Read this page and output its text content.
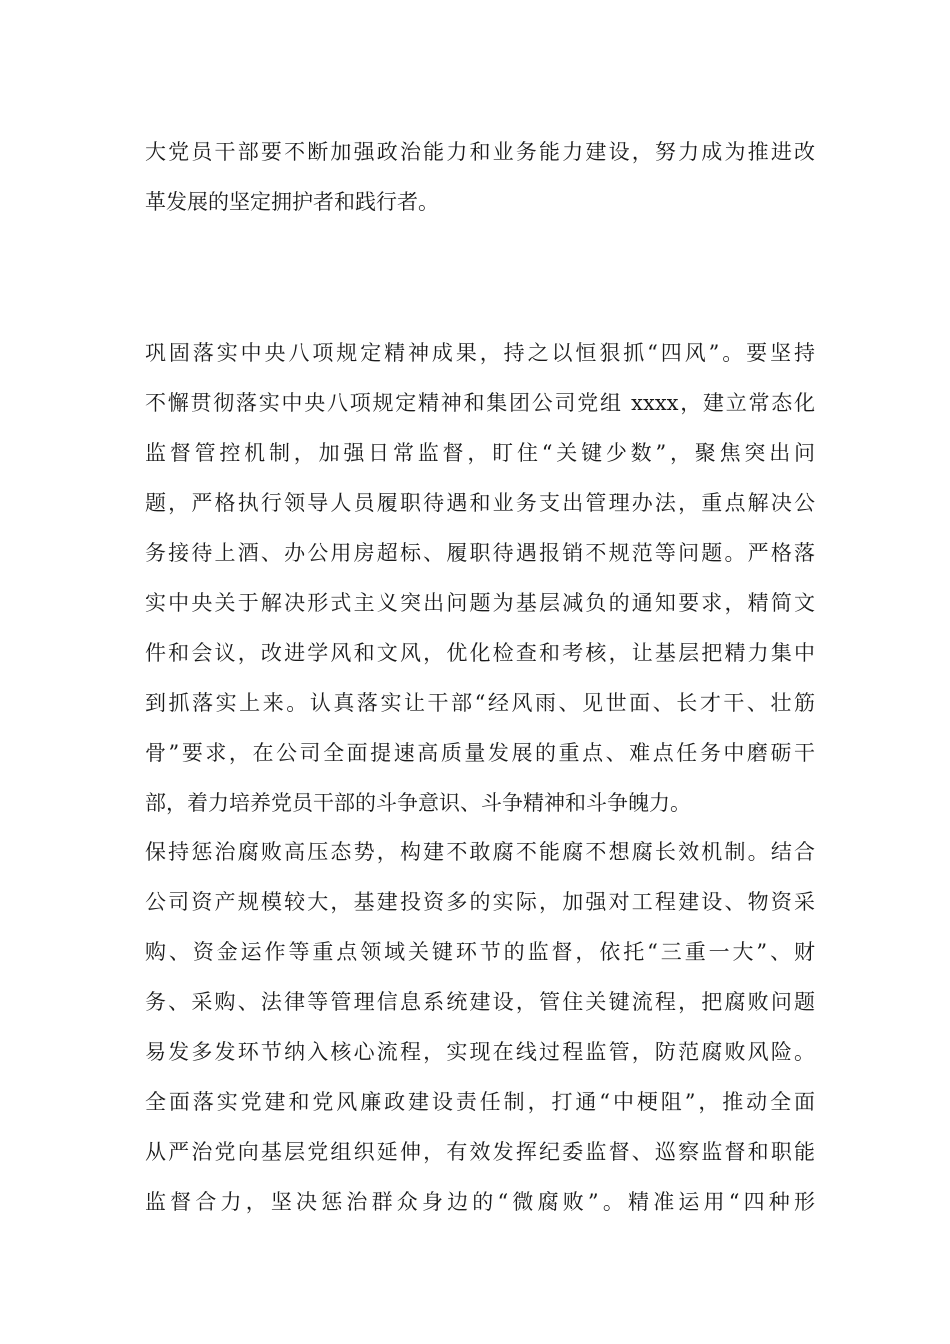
大党员干部要不断加强政治能力和业务能力建设，努力成为推进改
革发展的坚定拥护者和践行者。
巩固落实中央八项规定精神成果，持之以恒狠抓“四风”。要坚持
不懈贯彻落实中央八项规定精神和集团公司党组 xxxx，建立常态化
监督管控机制，加强日常监督，盯住“关键少数”，聚焦突出问
题，严格执行领导人员履职待遇和业务支出管理办法，重点解决公
务接待上酒、办公用房超标、履职待遇报销不规范等问题。严格落
实中央关于解决形式主义突出问题为基层减负的通知要求，精简文
件和会议，改进学风和文风，优化检查和考核，让基层把精力集中
到抓落实上来。认真落实让干部“经风雨、见世面、长才干、壮筋
骨”要求，在公司全面提速高质量发展的重点、难点任务中磨砺干
部，着力培养党员干部的斗争意识、斗争精神和斗争魄力。
保持惩治腐败高压态势，构建不敢腐不能腐不想腐长效机制。结合
公司资产规模较大，基建投资多的实际，加强对工程建设、物资采
购、资金运作等重点领域关键环节的监督，依托“三重一大”、财
务、采购、法律等管理信息系统建设，管住关键流程，把腐败问题
易发多发环节纳入核心流程，实现在线过程监管，防范腐败风险。
全面落实党建和党风廉政建设责任制，打通“中梗阻”，推动全面
从严治党向基层党组织延伸，有效发挥纪委监督、巡察监督和职能
监督合力，坚决惩治群众身边的“微腐败”。精准运用“四种形
